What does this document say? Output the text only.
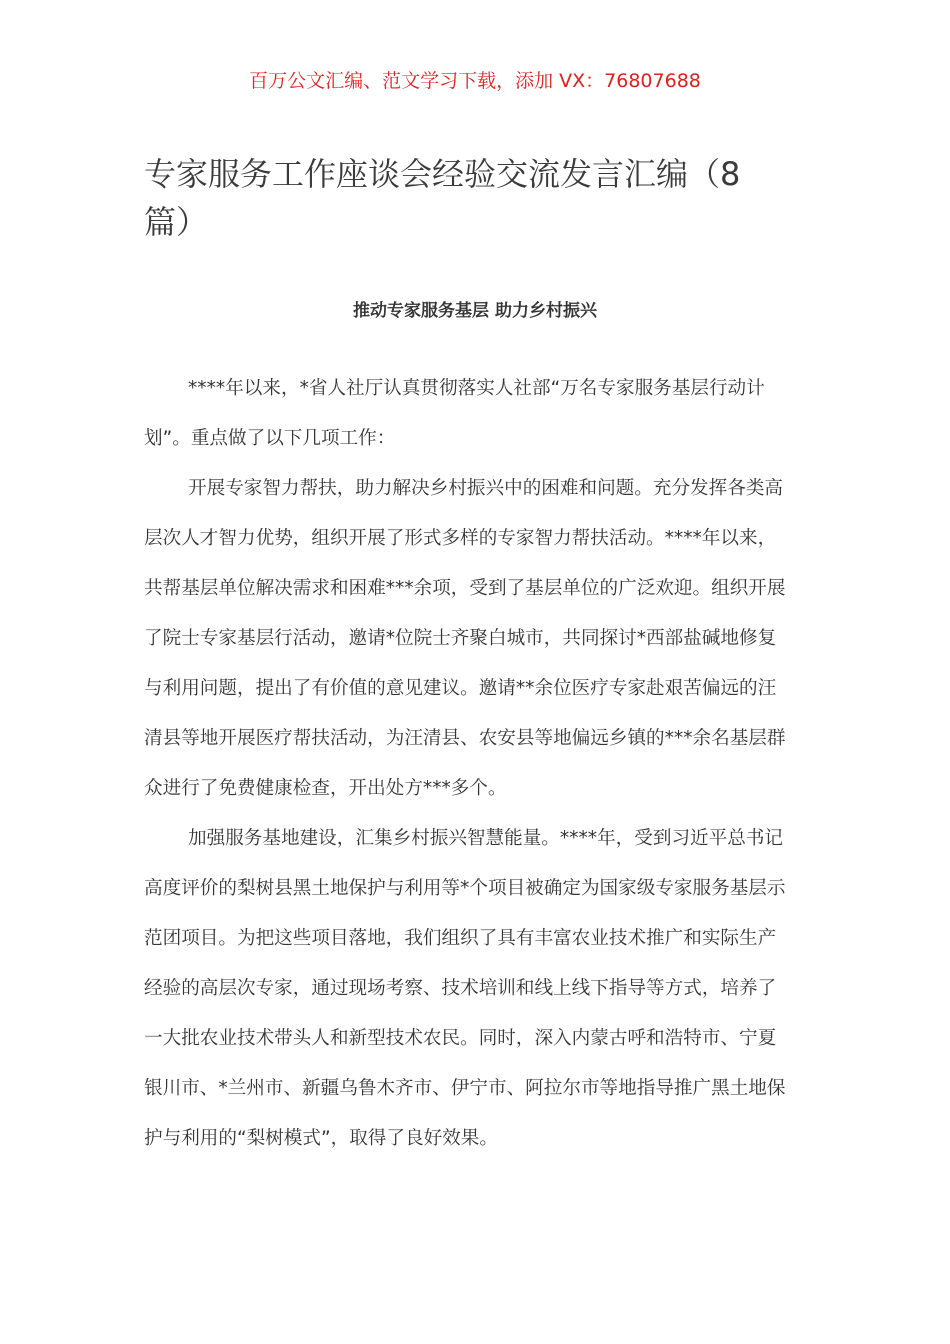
百万公文汇编、范文学习下载，添加 VX：76807688
专家服务工作座谈会经验交流发言汇编（8
篇）
推动专家服务基层 助力乡村振兴
****年以来，*省人社厅认真贯彻落实人社部“万名专家服务基层行动计
划”。重点做了以下几项工作：
开展专家智力帮扶，助力解决乡村振兴中的困难和问题。充分发挥各类高
层次人才智力优势，组织开展了形式多样的专家智力帮扶活动。****年以来，
共帮基层单位解决需求和困难***余项，受到了基层单位的广泛欢迎。组织开展
了院士专家基层行活动，邀请*位院士齐聚白城市，共同探讨*西部盐碱地修复
与利用问题，提出了有价值的意见建议。邀请**余位医疗专家赴艰苦偏远的汪
清县等地开展医疗帮扶活动，为汪清县、农安县等地偏远乡镇的***余名基层群
众进行了免费健康检查，开出处方***多个。
加强服务基地建设，汇集乡村振兴智慧能量。****年，受到习近平总书记
高度评价的梨树县黑土地保护与利用等*个项目被确定为国家级专家服务基层示
范团项目。为把这些项目落地，我们组织了具有丰富农业技术推广和实际生产
经验的高层次专家，通过现场考察、技术培训和线上线下指导等方式，培养了
一大批农业技术带头人和新型技术农民。同时，深入内蒙古呼和浩特市、宁夏
银川市、*兰州市、新疆乌鲁木齐市、伊宁市、阿拉尔市等地指导推广黑土地保
护与利用的“梨树模式”，取得了良好效果。
